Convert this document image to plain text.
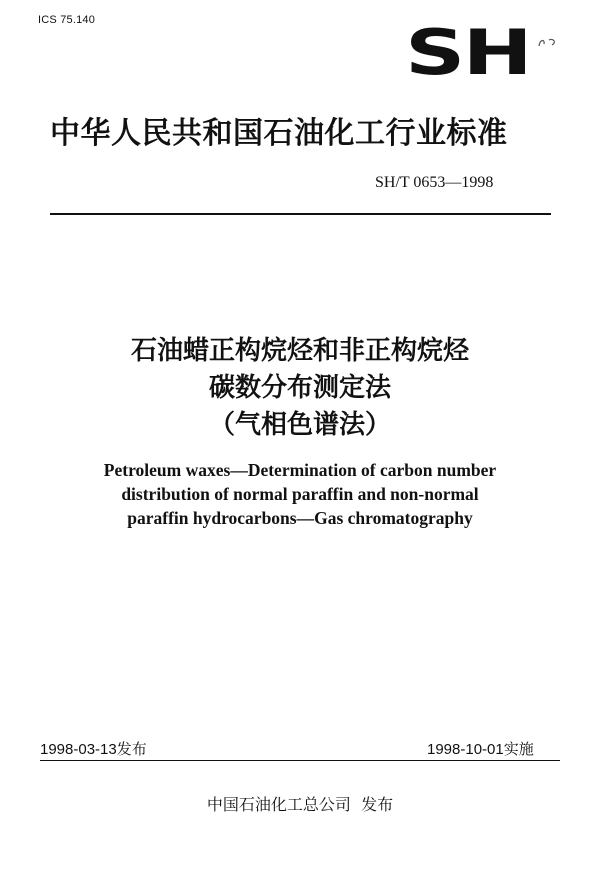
ICS 75.140	SH
中华人民共和国石油化工行业标准
SH/T 0653—1998
石油蜡正构烷烃和非正构烷烃
碳数分布测定法
（气相色谱法）
Petroleum waxes—Determination of carbon number
distribution of normal paraffin and non-normal
paraffin hydrocarbons—Gas chromatography
1998-03-13发布	1998-10-01实施
中国石油化工总公司  发布
